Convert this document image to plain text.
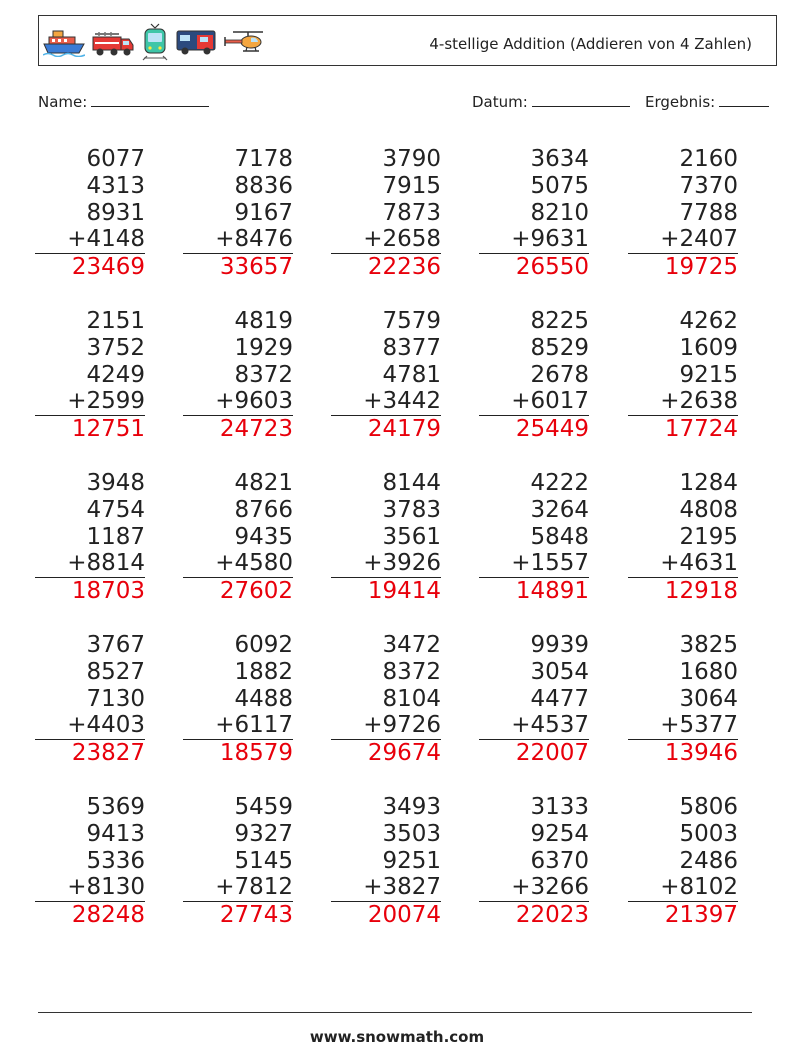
4-stellige Addition (Addieren von 4 Zahlen)
Name:	Datum:	Ergebnis:
6077
4313
8931
+4148
23469
7178
8836
9167
+8476
33657
3790
7915
7873
+2658
22236
3634
5075
8210
+9631
26550
2160
7370
7788
+2407
19725
2151
3752
4249
+2599
12751
4819
1929
8372
+9603
24723
7579
8377
4781
+3442
24179
8225
8529
2678
+6017
25449
4262
1609
9215
+2638
17724
3948
4754
1187
+8814
18703
4821
8766
9435
+4580
27602
8144
3783
3561
+3926
19414
4222
3264
5848
+1557
14891
1284
4808
2195
+4631
12918
3767
8527
7130
+4403
23827
6092
1882
4488
+6117
18579
3472
8372
8104
+9726
29674
9939
3054
4477
+4537
22007
3825
1680
3064
+5377
13946
5369
9413
5336
+8130
28248
5459
9327
5145
+7812
27743
3493
3503
9251
+3827
20074
3133
9254
6370
+3266
22023
5806
5003
2486
+8102
21397
www.snowmath.com
